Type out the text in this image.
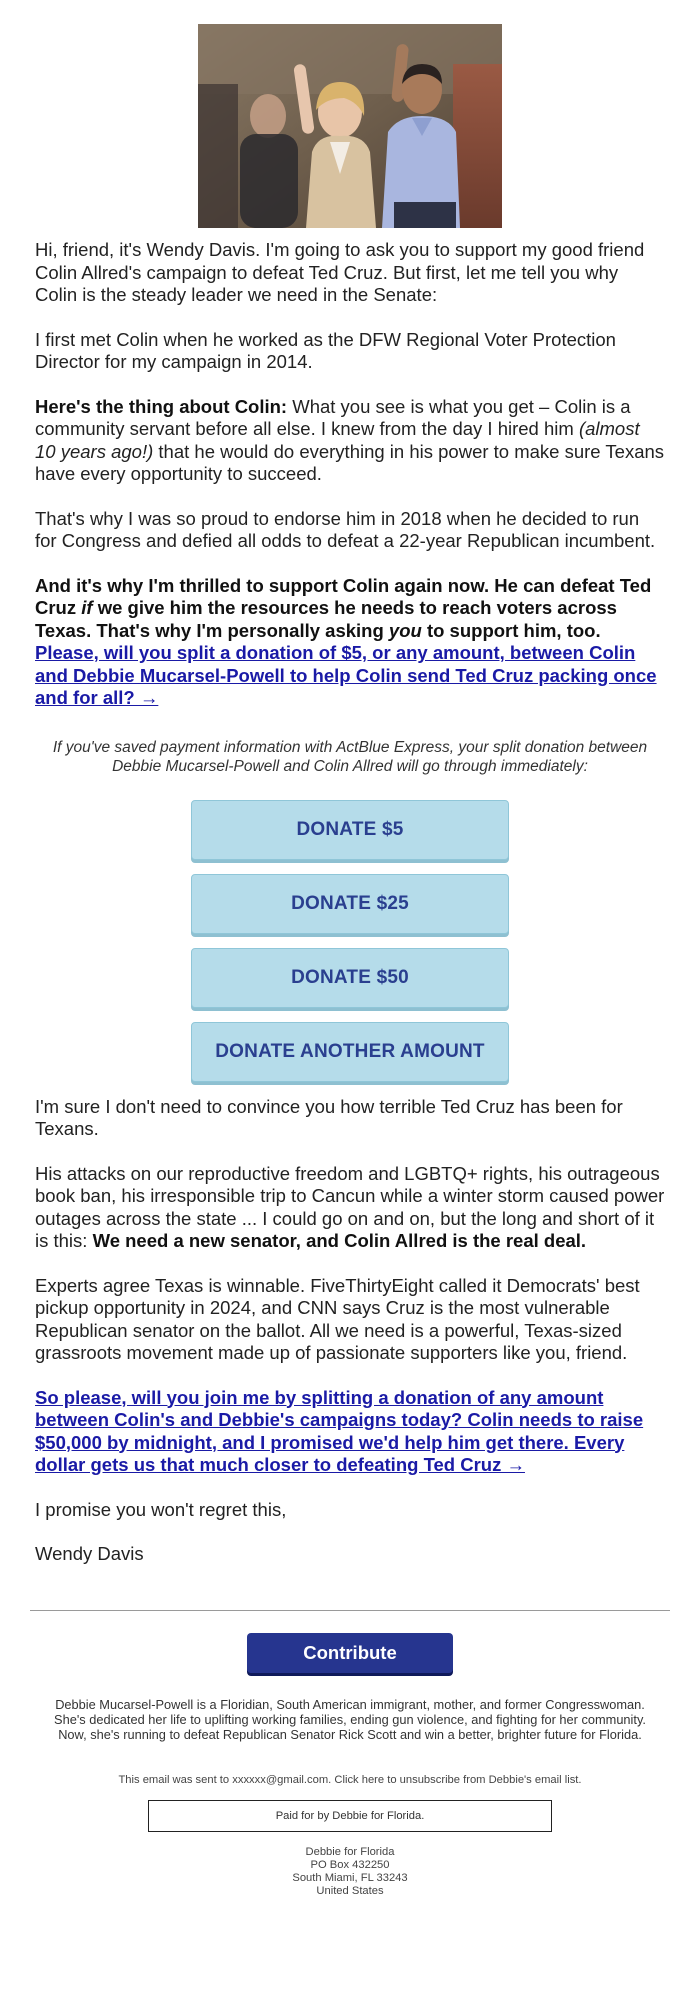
Hi, friend, it's Wendy Davis. I'm going to ask you to support my good friend Colin Allred's campaign to defeat Ted Cruz. But first, let me tell you why Colin is the steady leader we need in the Senate:

I first met Colin when he worked as the DFW Regional Voter Protection Director for my campaign in 2014.

Here's the thing about Colin: What you see is what you get – Colin is a community servant before all else. I knew from the day I hired him (almost 10 years ago!) that he would do everything in his power to make sure Texans have every opportunity to succeed.

That's why I was so proud to endorse him in 2018 when he decided to run for Congress and defied all odds to defeat a 22-year Republican incumbent.

And it's why I'm thrilled to support Colin again now. He can defeat Ted Cruz if we give him the resources he needs to reach voters across Texas. That's why I'm personally asking you to support him, too. Please, will you split a donation of $5, or any amount, between Colin and Debbie Mucarsel-Powell to help Colin send Ted Cruz packing once and for all? →

If you've saved payment information with ActBlue Express, your split donation between Debbie Mucarsel-Powell and Colin Allred will go through immediately:

DONATE $5
DONATE $25
DONATE $50
DONATE ANOTHER AMOUNT

I'm sure I don't need to convince you how terrible Ted Cruz has been for Texans.

His attacks on our reproductive freedom and LGBTQ+ rights, his outrageous book ban, his irresponsible trip to Cancun while a winter storm caused power outages across the state ... I could go on and on, but the long and short of it is this: We need a new senator, and Colin Allred is the real deal.

Experts agree Texas is winnable. FiveThirtyEight called it Democrats' best pickup opportunity in 2024, and CNN says Cruz is the most vulnerable Republican senator on the ballot. All we need is a powerful, Texas-sized grassroots movement made up of passionate supporters like you, friend.

So please, will you join me by splitting a donation of any amount between Colin's and Debbie's campaigns today? Colin needs to raise $50,000 by midnight, and I promised we'd help him get there. Every dollar gets us that much closer to defeating Ted Cruz →

I promise you won't regret this,

Wendy Davis

Contribute

Debbie Mucarsel-Powell is a Floridian, South American immigrant, mother, and former Congresswoman. She's dedicated her life to uplifting working families, ending gun violence, and fighting for her community. Now, she's running to defeat Republican Senator Rick Scott and win a better, brighter future for Florida.

This email was sent to xxxxxx@gmail.com. Click here to unsubscribe from Debbie's email list.
Paid for by Debbie for Florida.
Debbie for Florida
PO Box 432250
South Miami, FL 33243
United States
